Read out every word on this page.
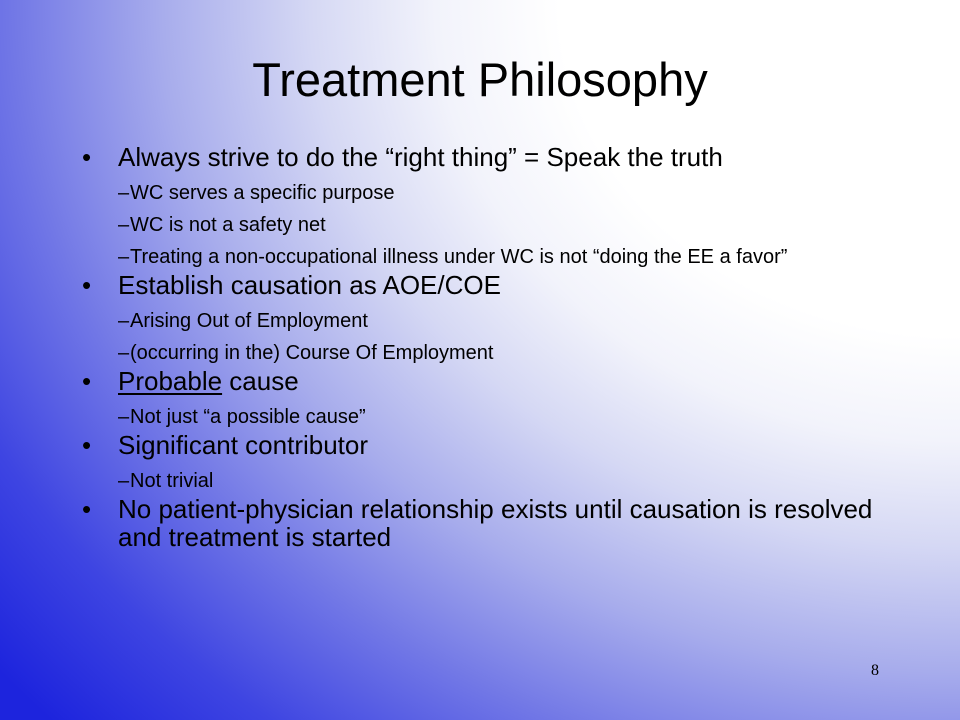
Treatment Philosophy
• Always strive to do the “right thing” = Speak the truth
– WC serves a specific purpose
– WC is not a safety net
– Treating a non-occupational illness under WC is not “doing the EE a favor”
• Establish causation as AOE/COE
– Arising Out of Employment
– (occurring in the) Course Of Employment
• Probable cause
– Not just “a possible cause”
• Significant contributor
– Not trivial
• No patient-physician relationship exists until causation is resolved and treatment is started
8
